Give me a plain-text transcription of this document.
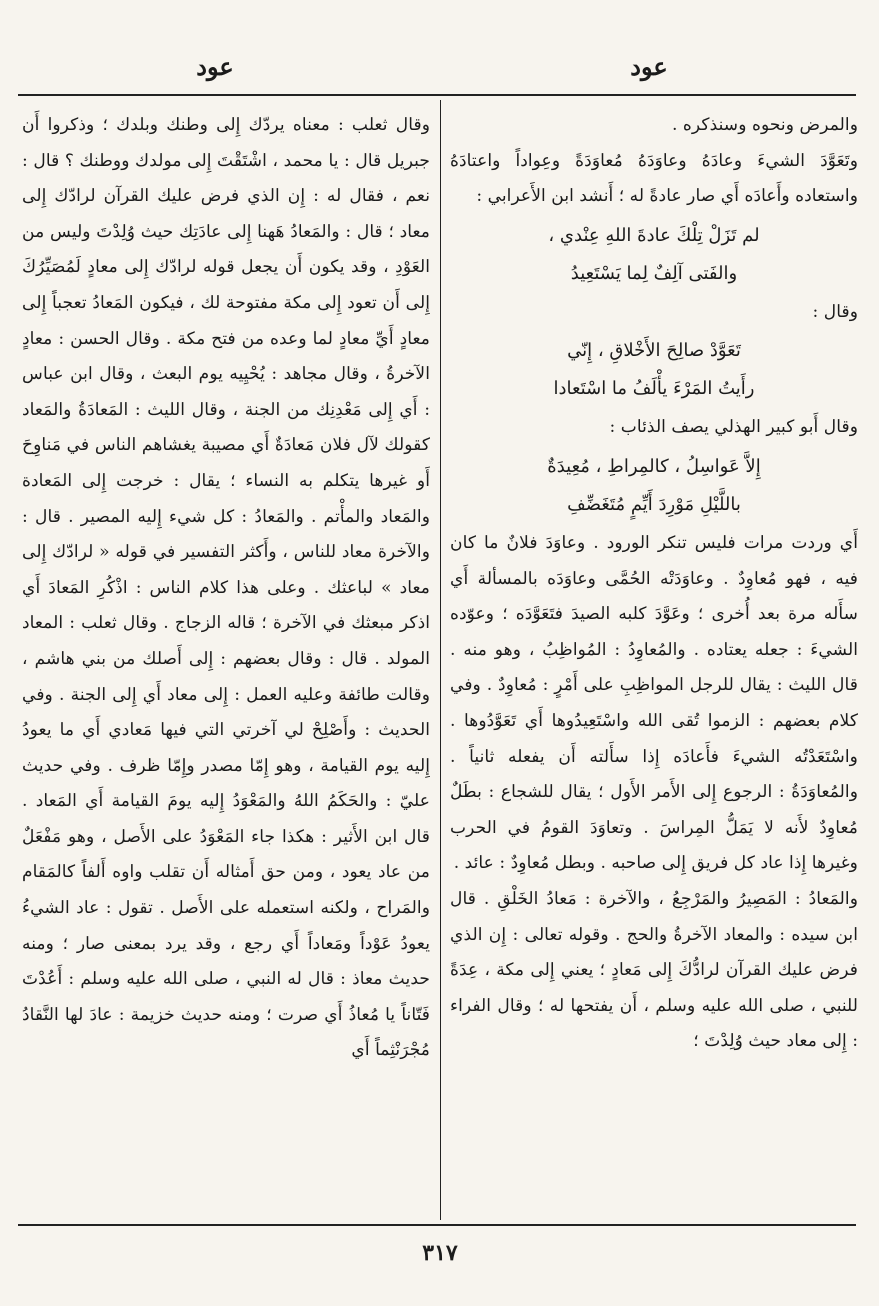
عود
عود

والمرض ونحوه وسنذكره .

وتَعَوَّدَ الشيءَ وعادَهُ وعاوَدَهُ مُعاوَدَةً وعِواداً واعتادَهُ واستعاده وأَعادَه أَي صار عادةً له ؛ أَنشد ابن الأَعرابي :

لم تَزَلْ تِلْكَ عادةَ اللهِ عِنْدي ،

والفَتى آلِفٌ لِما يَسْتَعِيدُ

وقال :

تَعَوَّدْ صالِحَ الأَخْلاقِ ، إِنّي

رأَيتُ المَرْءَ يأْلَفُ ما اسْتَعادا

وقال أَبو كبير الهذلي يصف الذئاب :

إِلاَّ عَواسِلُ ، كالمِراطِ ، مُعِيدَةٌ

باللَّيْلِ مَوْرِدَ أَيِّمٍ مُتَغَضِّفِ

أَي وردت مرات فليس تنكر الورود . وعاوَدَ فلانٌ ما كان فيه ، فهو مُعاوِدٌ . وعاوَدَتْه الحُمَّى وعاوَدَه بالمسألة أَي سأَله مرة بعد أُخرى ؛ وعَوَّدَ كلبه الصيدَ فتَعَوَّدَه ؛ وعوّده الشيءَ : جعله يعتاده . والمُعاوِدُ : المُواظِبُ ، وهو منه . قال الليث : يقال للرجل المواظِبِ على أَمْرٍ : مُعاوِدٌ . وفي كلام بعضهم : الزموا تُقى الله واسْتَعِيدُوها أَي تَعَوَّدُوها . واسْتَعَدْتُه الشيءَ فأَعادَه إِذا سأَلته أَن يفعله ثانياً . والمُعاوَدَةُ : الرجوع إِلى الأَمر الأَول ؛ يقال للشجاع : بطَلٌ مُعاوِدٌ لأَنه لا يَمَلُّ المِراسَ . وتعاوَدَ القومُ في الحرب وغيرها إِذا عاد كل فريق إِلى صاحبه . وبطل مُعاوِدٌ : عائد .

والمَعادُ : المَصِيرُ والمَرْجِعُ ، والآخرة : مَعادُ الخَلْقِ . قال ابن سيده : والمعاد الآخرةُ والحج . وقوله تعالى : إِن الذي فرض عليك القرآن لرادُّكَ إِلى مَعادٍ ؛ يعني إِلى مكة ، عِدَةً للنبي ، صلى الله عليه وسلم ، أَن يفتحها له ؛ وقال الفراء : إِلى معاد حيث وُلِدْتَ ؛

وقال ثعلب : معناه يردّك إِلى وطنك وبلدك ؛ وذكروا أَن جبريل قال : يا محمد ، اشْتَقْتَ إِلى مولدك ووطنك ؟ قال : نعم ، فقال له : إِن الذي فرض عليك القرآن لرادّك إِلى معاد ؛ قال : والمَعادُ هَهنا إِلى عادَتِك حيث وُلِدْتَ وليس من العَوْدِ ، وقد يكون أَن يجعل قوله لرادّك إِلى معادٍ لَمُصَيِّرُكَ إِلى أَن تعود إِلى مكة مفتوحة لك ، فيكون المَعادُ تعجباً إِلى معادٍ أَيِّ معادٍ لما وعده من فتح مكة . وقال الحسن : معادٍ الآخرةُ ، وقال مجاهد : يُحْيِيه يوم البعث ، وقال ابن عباس : أَي إِلى مَعْدِنِك من الجنة ، وقال الليث : المَعادَةُ والمَعاد كقولك لآل فلان مَعادَةٌ أَي مصيبة يغشاهم الناس في مَناوِحَ أَو غيرها يتكلم به النساء ؛ يقال : خرجت إِلى المَعادة والمَعاد والمأْتم . والمَعادُ : كل شيء إِليه المصير . قال : والآخرة معاد للناس ، وأَكثر التفسير في قوله « لرادّك إِلى معاد » لباعثك . وعلى هذا كلام الناس : اذْكُرِ المَعادَ أَي اذكر مبعثك في الآخرة ؛ قاله الزجاج . وقال ثعلب : المعاد المولد . قال : وقال بعضهم : إِلى أَصلك من بني هاشم ، وقالت طائفة وعليه العمل : إِلى معاد أَي إِلى الجنة . وفي الحديث : وأَصْلِحْ لي آخرتي التي فيها مَعادي أَي ما يعودُ إِليه يوم القيامة ، وهو إِمّا مصدر وإِمّا ظرف . وفي حديث عليّ : والحَكَمُ اللهُ والمَعْوَدُ إِليه يومَ القيامة أَي المَعاد . قال ابن الأَثير : هكذا جاء المَعْوَدُ على الأَصل ، وهو مَفْعَلٌ من عاد يعود ، ومن حق أَمثاله أَن تقلب واوه أَلفاً كالمَقام والمَراح ، ولكنه استعمله على الأَصل . تقول : عاد الشيءُ يعودُ عَوْداً ومَعاداً أَي رجع ، وقد يرد بمعنى صار ؛ ومنه حديث معاذ : قال له النبي ، صلى الله عليه وسلم : أَعُدْتَ فَتّاناً يا مُعاذُ أَي صرت ؛ ومنه حديث خزيمة : عادَ لها النَّقادُ مُجْرَنْثِماً أَي

٣١٧
